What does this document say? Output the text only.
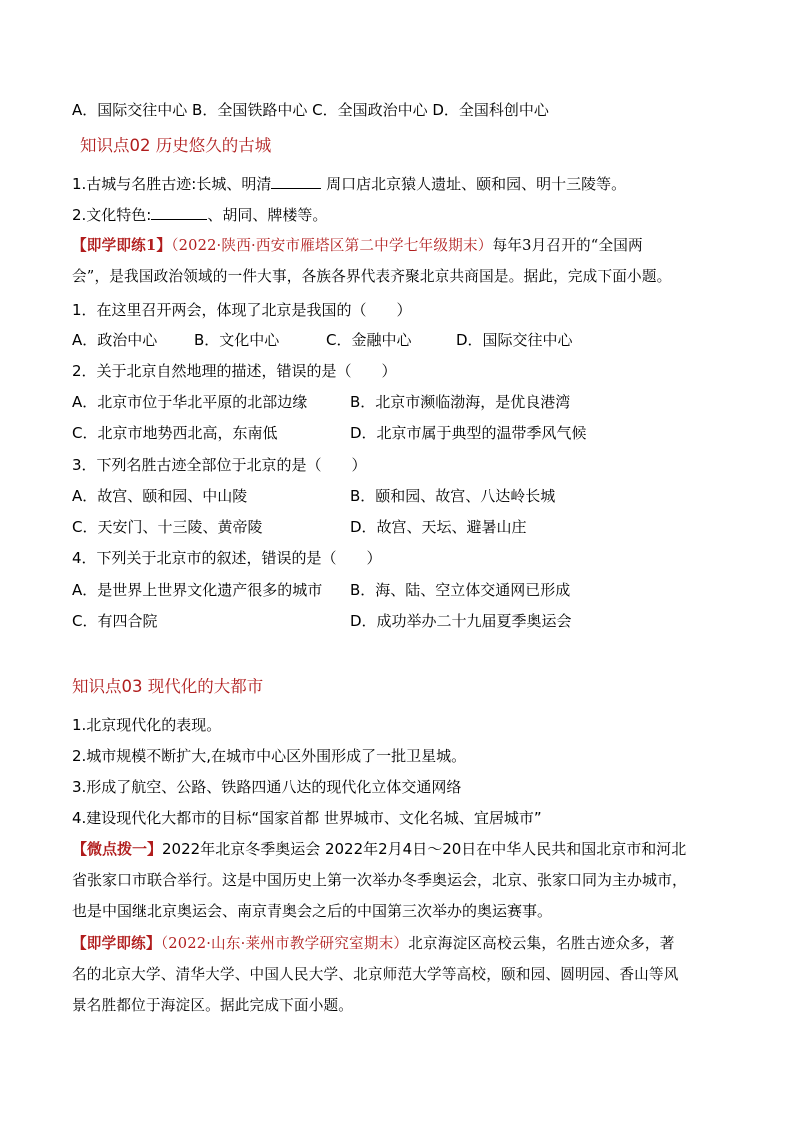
A．国际交往中心 B．全国铁路中心 C．全国政治中心 D．全国科创中心
知识点02 历史悠久的古城
1.古城与名胜古迹:长城、明清	周口店北京猿人遗址、颐和园、明十三陵等。
2.文化特色:	、胡同、牌楼等。
【即学即练1】（2022·陕西·西安市雁塔区第二中学七年级期末）每年3月召开的“全国两
会”，是我国政治领域的一件大事，各族各界代表齐聚北京共商国是。据此，完成下面小题。
1．在这里召开两会，体现了北京是我国的（　　）
A．政治中心 B．文化中心	C．金融中心	D．国际交往中心
2．关于北京自然地理的描述，错误的是（　　）
A．北京市位于华北平原的北部边缘	B．北京市濒临渤海，是优良港湾
C．北京市地势西北高，东南低	D．北京市属于典型的温带季风气候
3．下列名胜古迹全部位于北京的是（　　）
A．故宫、颐和园、中山陵	B．颐和园、故宫、八达岭长城
C．天安门、十三陵、黄帝陵	D．故宫、天坛、避暑山庄
4．下列关于北京市的叙述，错误的是（　　）
A．是世界上世界文化遗产很多的城市 B．海、陆、空立体交通网已形成
C．有四合院	D．成功举办二十九届夏季奥运会
知识点03 现代化的大都市
1.北京现代化的表现。
2.城市规模不断扩大,在城市中心区外围形成了一批卫星城。
3.形成了航空、公路、铁路四通八达的现代化立体交通网络
4.建设现代化大都市的目标“国家首都 世界城市、文化名城、宜居城市”
【微点拨一】2022年北京冬季奥运会 2022年2月4日～20日在中华人民共和国北京市和河北
省张家口市联合举行。这是中国历史上第一次举办冬季奥运会，北京、张家口同为主办城市，
也是中国继北京奥运会、南京青奥会之后的中国第三次举办的奥运赛事。
【即学即练】（2022·山东·莱州市教学研究室期末）北京海淀区高校云集，名胜古迹众多，著
名的北京大学、清华大学、中国人民大学、北京师范大学等高校，颐和园、圆明园、香山等风
景名胜都位于海淀区。据此完成下面小题。
